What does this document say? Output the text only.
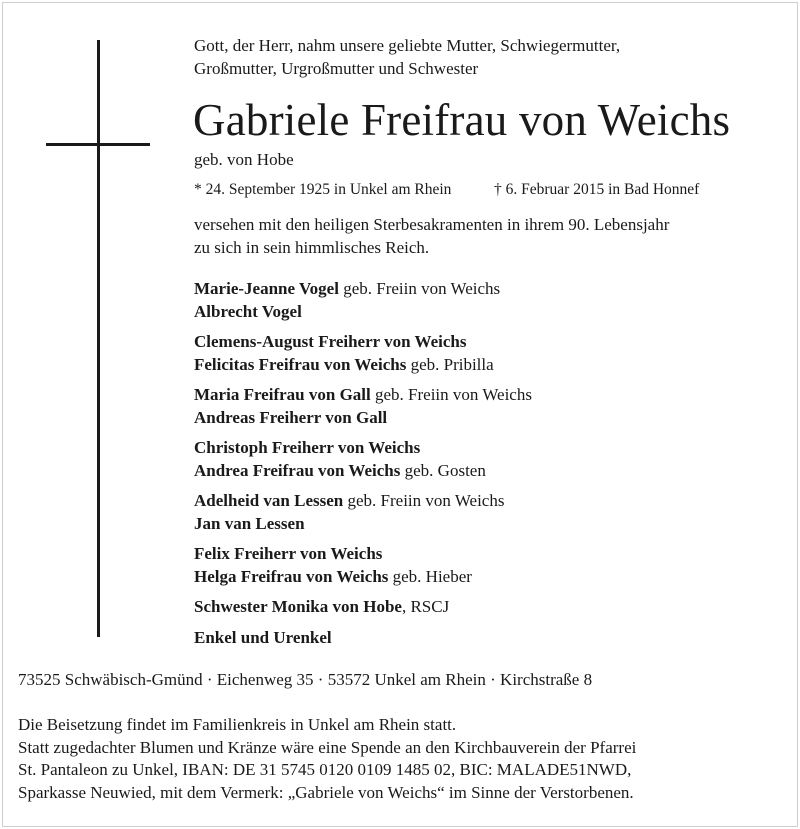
Gott, der Herr, nahm unsere geliebte Mutter, Schwiegermutter,
Großmutter, Urgroßmutter und Schwester
Gabriele Freifrau von Weichs
geb. von Hobe
* 24. September 1925 in Unkel am Rhein	† 6. Februar 2015 in Bad Honnef
versehen mit den heiligen Sterbesakramenten in ihrem 90. Lebensjahr
zu sich in sein himmlisches Reich.
Marie-Jeanne Vogel geb. Freiin von Weichs
Albrecht Vogel
Clemens-August Freiherr von Weichs
Felicitas Freifrau von Weichs geb. Pribilla
Maria Freifrau von Gall geb. Freiin von Weichs
Andreas Freiherr von Gall
Christoph Freiherr von Weichs
Andrea Freifrau von Weichs geb. Gosten
Adelheid van Lessen geb. Freiin von Weichs
Jan van Lessen
Felix Freiherr von Weichs
Helga Freifrau von Weichs geb. Hieber
Schwester Monika von Hobe, RSCJ
Enkel und Urenkel
73525 Schwäbisch-Gmünd · Eichenweg 35 · 53572 Unkel am Rhein · Kirchstraße 8
Die Beisetzung findet im Familienkreis in Unkel am Rhein statt.
Statt zugedachter Blumen und Kränze wäre eine Spende an den Kirchbauverein der Pfarrei
St. Pantaleon zu Unkel, IBAN: DE 31 5745 0120 0109 1485 02, BIC: MALADE51NWD,
Sparkasse Neuwied, mit dem Vermerk: „Gabriele von Weichs“ im Sinne der Verstorbenen.
